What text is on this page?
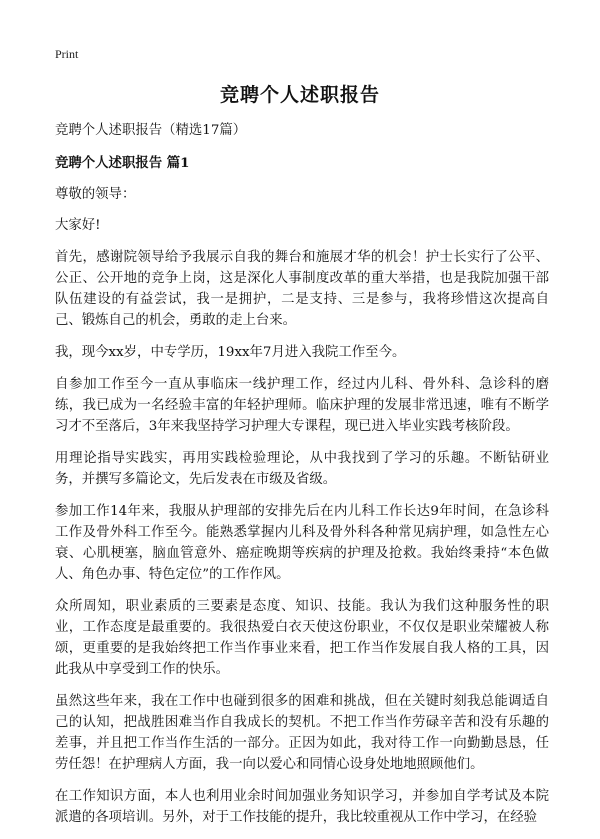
Print
竞聘个人述职报告

竞聘个人述职报告（精选17篇）

竞聘个人述职报告 篇1

尊敬的领导：

大家好!

首先，感谢院领导给予我展示自我的舞台和施展才华的机会！护士长实行了公平、公正、公开地的竞争上岗，这是深化人事制度改革的重大举措，也是我院加强干部队伍建设的有益尝试，我一是拥护，二是支持、三是参与，我将珍惜这次提高自己、锻炼自己的机会，勇敢的走上台来。

我，现今xx岁，中专学历，19xx年7月进入我院工作至今。

自参加工作至今一直从事临床一线护理工作，经过内儿科、骨外科、急诊科的磨练，我已成为一名经验丰富的年轻护理师。临床护理的发展非常迅速，唯有不断学习才不至落后，3年来我坚持学习护理大专课程，现已进入毕业实践考核阶段。

用理论指导实践实，再用实践检验理论，从中我找到了学习的乐趣。不断钻研业务，并撰写多篇论文，先后发表在市级及省级。

参加工作14年来，我服从护理部的安排先后在内儿科工作长达9年时间，在急诊科工作及骨外科工作至今。能熟悉掌握内儿科及骨外科各种常见病护理，如急性左心衰、心肌梗塞，脑血管意外、癌症晚期等疾病的护理及抢救。我始终秉持“本色做人、角色办事、特色定位”的工作作风。

众所周知，职业素质的三要素是态度、知识、技能。我认为我们这种服务性的职业，工作态度是最重要的。我很热爱白衣天使这份职业，不仅仅是职业荣耀被人称颂，更重要的是我始终把工作当作事业来看，把工作当作发展自我人格的工具，因此我从中享受到工作的快乐。

虽然这些年来，我在工作中也碰到很多的困难和挑战，但在关键时刻我总能调适自己的认知，把战胜困难当作自我成长的契机。不把工作当作劳碌辛苦和没有乐趣的差事，并且把工作当作生活的一部分。正因为如此，我对待工作一向勤勤恳恳，任劳任怨！在护理病人方面，我一向以爱心和同情心设身处地地照顾他们。

在工作知识方面，本人也利用业余时间加强业务知识学习，并参加自学考试及本院派遣的各项培训。另外，对于工作技能的提升，我比较重视从工作中学习，在经验
